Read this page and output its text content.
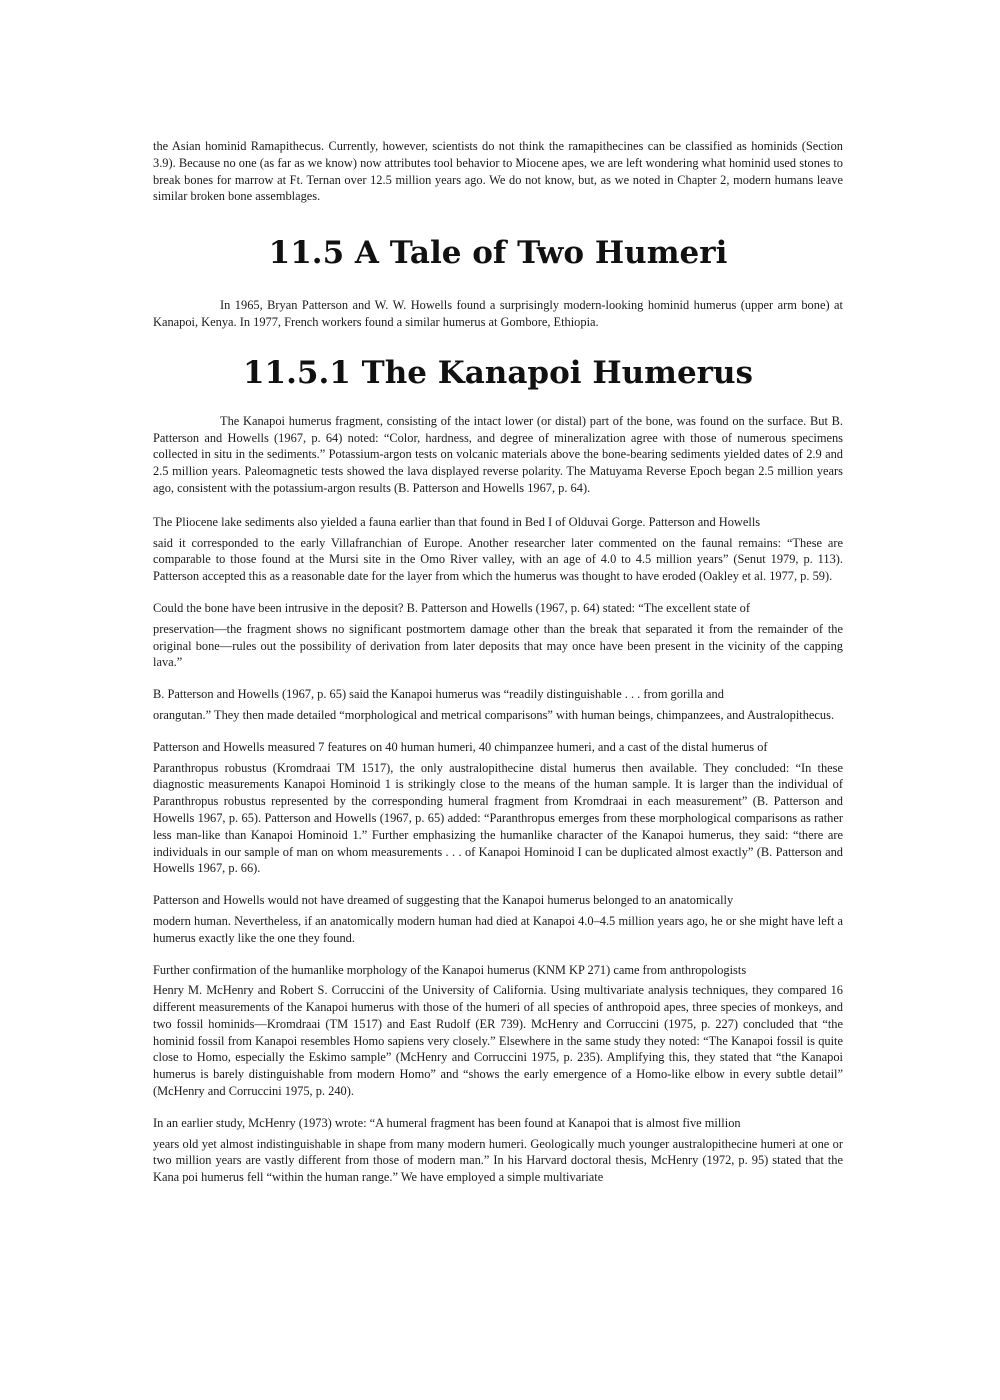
the Asian hominid Ramapithecus. Currently, however, scientists do not think the ramapithecines can be classified as hominids (Section 3.9). Because no one (as far as we know) now attributes tool behavior to Miocene apes, we are left wondering what hominid used stones to break bones for marrow at Ft. Ternan over 12.5 million years ago. We do not know, but, as we noted in Chapter 2, modern humans leave similar broken bone assemblages.

11.5 A Tale of Two Humeri

In 1965, Bryan Patterson and W. W. Howells found a surprisingly modern-looking hominid humerus (upper arm bone) at Kanapoi, Kenya. In 1977, French workers found a similar humerus at Gombore, Ethiopia.

11.5.1 The Kanapoi Humerus

The Kanapoi humerus fragment, consisting of the intact lower (or distal) part of the bone, was found on the surface. But B. Patterson and Howells (1967, p. 64) noted: “Color, hardness, and degree of mineralization agree with those of numerous specimens collected in situ in the sediments.” Potassium-argon tests on volcanic materials above the bone-bearing sediments yielded dates of 2.9 and 2.5 million years. Paleomagnetic tests showed the lava displayed reverse polarity. The Matuyama Reverse Epoch began 2.5 million years ago, consistent with the potassium-argon results (B. Patterson and Howells 1967, p. 64).

The Pliocene lake sediments also yielded a fauna earlier than that found in Bed I of Olduvai Gorge. Patterson and Howells

said it corresponded to the early Villafranchian of Europe. Another researcher later commented on the faunal remains: “These are comparable to those found at the Mursi site in the Omo River valley, with an age of 4.0 to 4.5 million years” (Senut 1979, p. 113). Patterson accepted this as a reasonable date for the layer from which the humerus was thought to have eroded (Oakley et al. 1977, p. 59).

Could the bone have been intrusive in the deposit? B. Patterson and Howells (1967, p. 64) stated: “The excellent state of

preservation—the fragment shows no significant postmortem damage other than the break that separated it from the remainder of the original bone—rules out the possibility of derivation from later deposits that may once have been present in the vicinity of the capping lava.”

B. Patterson and Howells (1967, p. 65) said the Kanapoi humerus was “readily distinguishable . . . from gorilla and

orangutan.” They then made detailed “morphological and metrical comparisons” with human beings, chimpanzees, and Australopithecus.

Patterson and Howells measured 7 features on 40 human humeri, 40 chimpanzee humeri, and a cast of the distal humerus of

Paranthropus robustus (Kromdraai TM 1517), the only australopithecine distal humerus then available. They concluded: “In these diagnostic measurements Kanapoi Hominoid 1 is strikingly close to the means of the human sample. It is larger than the individual of Paranthropus robustus represented by the corresponding humeral fragment from Kromdraai in each measurement” (B. Patterson and Howells 1967, p. 65). Patterson and Howells (1967, p. 65) added: “Paranthropus emerges from these morphological comparisons as rather less man-like than Kanapoi Hominoid 1.” Further emphasizing the humanlike character of the Kanapoi humerus, they said: “there are individuals in our sample of man on whom measurements . . . of Kanapoi Hominoid I can be duplicated almost exactly” (B. Patterson and Howells 1967, p. 66).

Patterson and Howells would not have dreamed of suggesting that the Kanapoi humerus belonged to an anatomically

modern human. Nevertheless, if an anatomically modern human had died at Kanapoi 4.0–4.5 million years ago, he or she might have left a humerus exactly like the one they found.

Further confirmation of the humanlike morphology of the Kanapoi humerus (KNM KP 271) came from anthropologists

Henry M. McHenry and Robert S. Corruccini of the University of California. Using multivariate analysis techniques, they compared 16 different measurements of the Kanapoi humerus with those of the humeri of all species of anthropoid apes, three species of monkeys, and two fossil hominids—Kromdraai (TM 1517) and East Rudolf (ER 739). McHenry and Corruccini (1975, p. 227) concluded that “the hominid fossil from Kanapoi resembles Homo sapiens very closely.” Elsewhere in the same study they noted: “The Kanapoi fossil is quite close to Homo, especially the Eskimo sample” (McHenry and Corruccini 1975, p. 235). Amplifying this, they stated that “the Kanapoi humerus is barely distinguishable from modern Homo” and “shows the early emergence of a Homo-like elbow in every subtle detail” (McHenry and Corruccini 1975, p. 240).

In an earlier study, McHenry (1973) wrote: “A humeral fragment has been found at Kanapoi that is almost five million

years old yet almost indistinguishable in shape from many modern humeri. Geologically much younger australopithecine humeri at one or two million years are vastly different from those of modern man.” In his Harvard doctoral thesis, McHenry (1972, p. 95) stated that the Kana poi humerus fell “within the human range.” We have employed a simple multivariate
